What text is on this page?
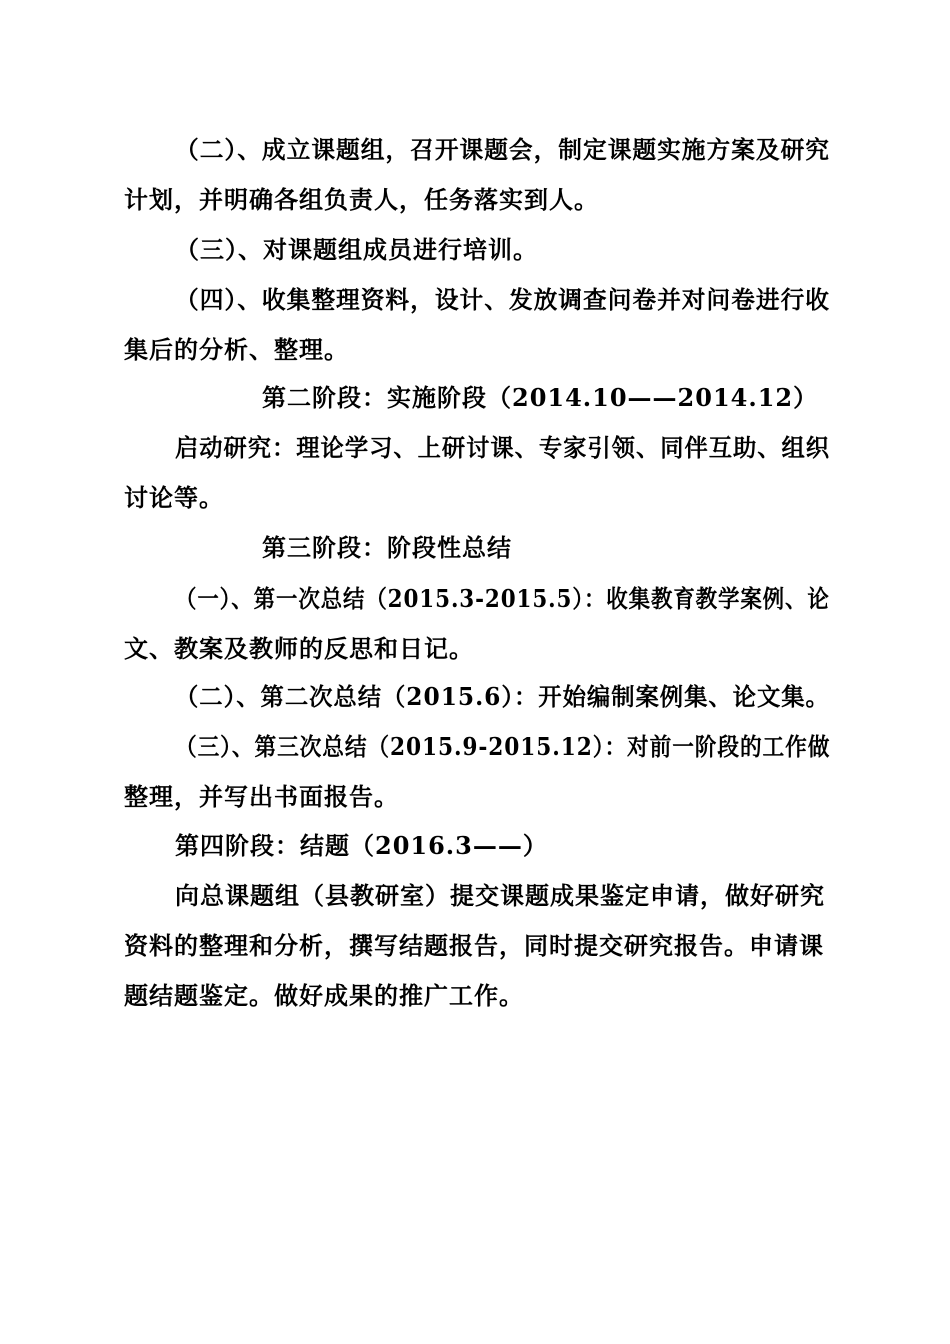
（二）、成立课题组，召开课题会，制定课题实施方案及研究
计划，并明确各组负责人，任务落实到人。
（三）、对课题组成员进行培训。
（四）、收集整理资料，设计、发放调查问卷并对问卷进行收
集后的分析、整理。
第二阶段：实施阶段（2014.10——2014.12）
启动研究：理论学习、上研讨课、专家引领、同伴互助、组织
讨论等。
第三阶段：阶段性总结
（一）、第一次总结（2015.3-2015.5）：收集教育教学案例、论
文、教案及教师的反思和日记。
（二）、第二次总结（2015.6）：开始编制案例集、论文集。
（三）、第三次总结（2015.9-2015.12）：对前一阶段的工作做
整理，并写出书面报告。
第四阶段：结题（2016.3——）
向总课题组（县教研室）提交课题成果鉴定申请，做好研究
资料的整理和分析，撰写结题报告，同时提交研究报告。申请课
题结题鉴定。做好成果的推广工作。
